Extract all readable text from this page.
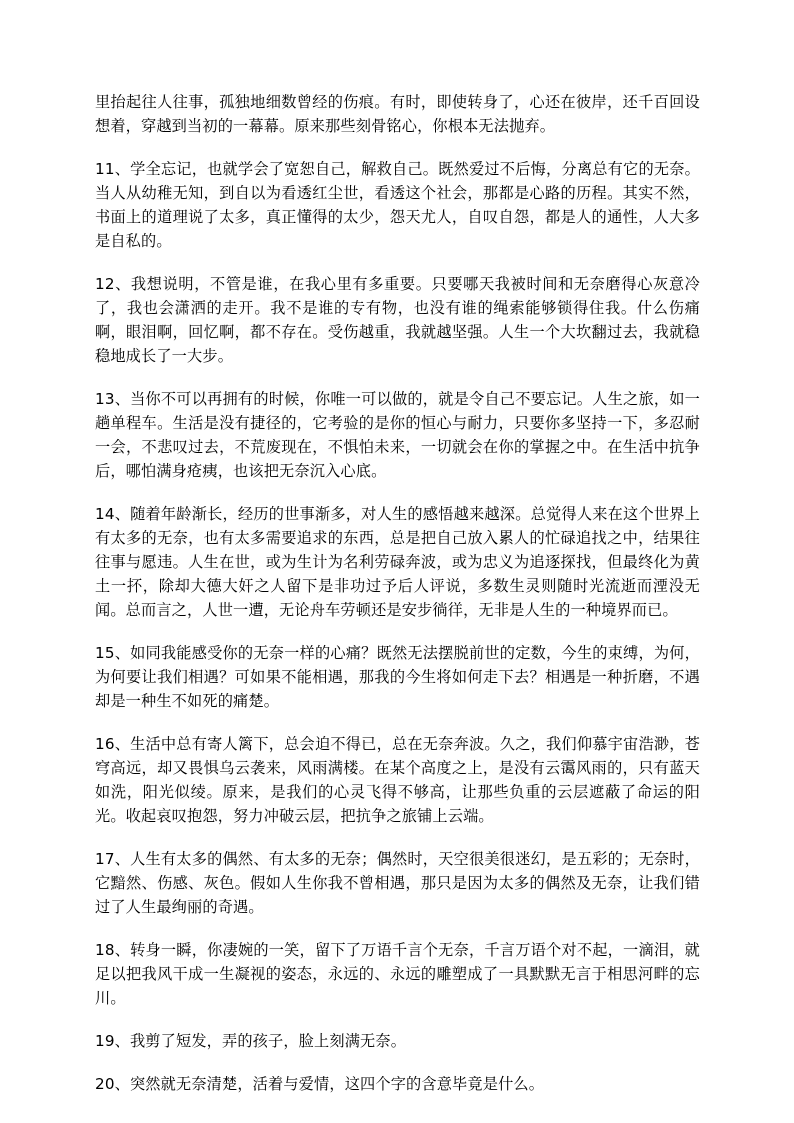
里抬起往人往事，孤独地细数曾经的伤痕。有时，即使转身了，心还在彼岸，还千百回设想着，穿越到当初的一幕幕。原来那些刻骨铭心，你根本无法抛弃。

11、学全忘记，也就学会了宽恕自己，解救自己。既然爱过不后悔，分离总有它的无奈。当人从幼稚无知，到自以为看透红尘世，看透这个社会，那都是心路的历程。其实不然，书面上的道理说了太多，真正懂得的太少，怨天尤人，自叹自怨，都是人的通性，人大多是自私的。

12、我想说明，不管是谁，在我心里有多重要。只要哪天我被时间和无奈磨得心灰意冷了，我也会潇洒的走开。我不是谁的专有物，也没有谁的绳索能够锁得住我。什么伤痛啊，眼泪啊，回忆啊，都不存在。受伤越重，我就越坚强。人生一个大坎翻过去，我就稳稳地成长了一大步。

13、当你不可以再拥有的时候，你唯一可以做的，就是令自己不要忘记。人生之旅，如一趟单程车。生活是没有捷径的，它考验的是你的恒心与耐力，只要你多坚持一下，多忍耐一会，不悲叹过去，不荒废现在，不惧怕未来，一切就会在你的掌握之中。在生活中抗争后，哪怕满身疮痍，也该把无奈沉入心底。

14、随着年龄渐长，经历的世事渐多，对人生的感悟越来越深。总觉得人来在这个世界上有太多的无奈，也有太多需要追求的东西，总是把自己放入累人的忙碌追找之中，结果往往事与愿违。人生在世，或为生计为名利劳碌奔波，或为忠义为追逐探找，但最终化为黄土一抔，除却大德大奸之人留下是非功过予后人评说，多数生灵则随时光流逝而湮没无闻。总而言之，人世一遭，无论舟车劳顿还是安步徜徉，无非是人生的一种境界而已。

15、如同我能感受你的无奈一样的心痛？既然无法摆脱前世的定数，今生的束缚，为何，为何要让我们相遇？可如果不能相遇，那我的今生将如何走下去？相遇是一种折磨，不遇却是一种生不如死的痛楚。

16、生活中总有寄人篱下，总会迫不得已，总在无奈奔波。久之，我们仰慕宇宙浩渺，苍穹高远，却又畏惧乌云袭来，风雨满楼。在某个高度之上，是没有云霭风雨的，只有蓝天如洗，阳光似绫。原来，是我们的心灵飞得不够高，让那些负重的云层遮蔽了命运的阳光。收起哀叹抱怨，努力冲破云层，把抗争之旅铺上云端。

17、人生有太多的偶然、有太多的无奈；偶然时，天空很美很迷幻，是五彩的；无奈时，它黯然、伤感、灰色。假如人生你我不曾相遇，那只是因为太多的偶然及无奈，让我们错过了人生最绚丽的奇遇。

18、转身一瞬，你凄婉的一笑，留下了万语千言个无奈，千言万语个对不起，一滴泪，就足以把我风干成一生凝视的姿态，永远的、永远的雕塑成了一具默默无言于相思河畔的忘川。

19、我剪了短发，弄的孩子，脸上刻满无奈。

20、突然就无奈清楚，活着与爱情，这四个字的含意毕竟是什么。
